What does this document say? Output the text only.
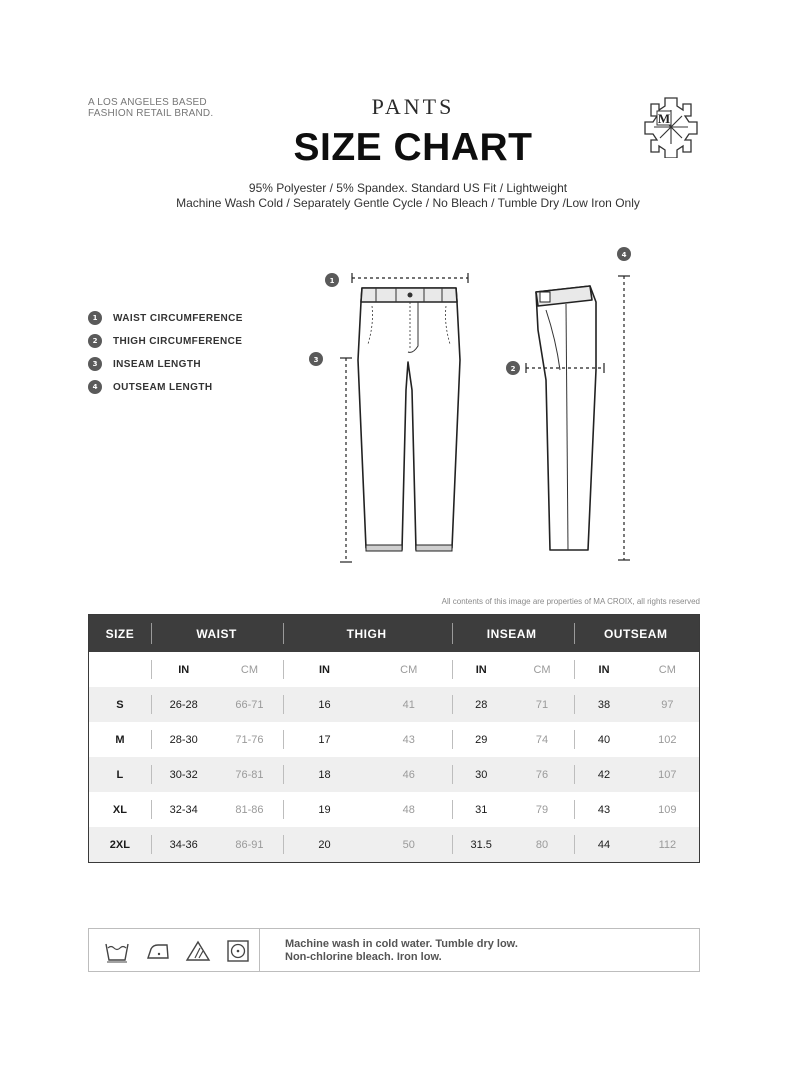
A LOS ANGELES BASED
FASHION RETAIL BRAND.	PANTS
SIZE CHART
95% Polyester / 5% Spandex. Standard US Fit / Lightweight
Machine Wash Cold / Separately Gentle Cycle / No Bleach / Tumble Dry /Low Iron Only
M
1	WAIST CIRCUMFERENCE
2	THIGH CIRCUMFERENCE
3	INSEAM LENGTH
4	OUTSEAM LENGTH
1
3
2
4
All contents of this image are properties of MA CROIX, all rights reserved
SIZE	WAIST	THIGH	INSEAM	OUTSEAM
IN	CM	IN	CM	IN	CM	IN	CM
S	26-28	66-71	16	41	28	71	38	97
M	28-30	71-76	17	43	29	74	40	102
L	30-32	76-81	18	46	30	76	42	107
XL	32-34	81-86	19	48	31	79	43	109
2XL	34-36	86-91	20	50	31.5	80	44	112
Machine wash in cold water. Tumble dry low.
Non-chlorine bleach. Iron low.
